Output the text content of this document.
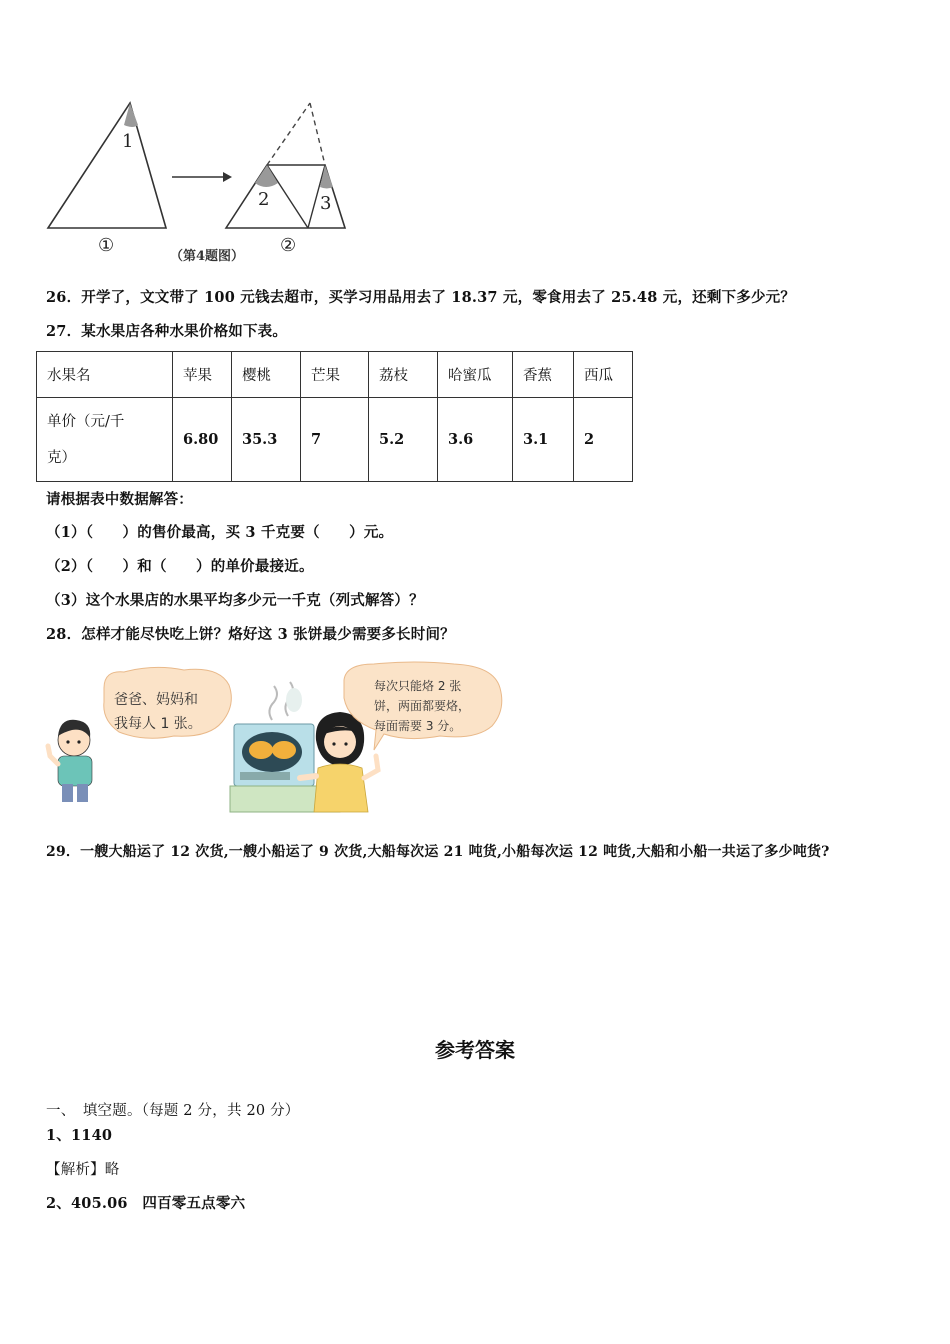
1
①
2	3
②
（第4题图）
26．开学了，文文带了 100 元钱去超市，买学习用品用去了 18.37 元，零食用去了 25.48 元，还剩下多少元？
27．某水果店各种水果价格如下表。
水果名	苹果	樱桃	芒果	荔枝	哈蜜瓜	香蕉	西瓜
单价（元/千
克）	6.80	35.3	7	5.2	3.6	3.1	2
请根据表中数据解答：
（1）（　　）的售价最高，买 3 千克要（　　）元。
（2）（　　）和（　　）的单价最接近。
（3）这个水果店的水果平均多少元一千克（列式解答）？
28．怎样才能尽快吃上饼？烙好这 3 张饼最少需要多长时间？
爸爸、妈妈和
我每人 1 张。
每次只能烙 2 张
饼，两面都要烙，
每面需要 3 分。
29．一艘大船运了 12 次货,一艘小船运了 9 次货,大船每次运 21 吨货,小船每次运 12 吨货,大船和小船一共运了多少吨货?
参考答案
一、　填空题。（每题 2 分，共 20 分）
1、1140
【解析】略
2、405.06　四百零五点零六
